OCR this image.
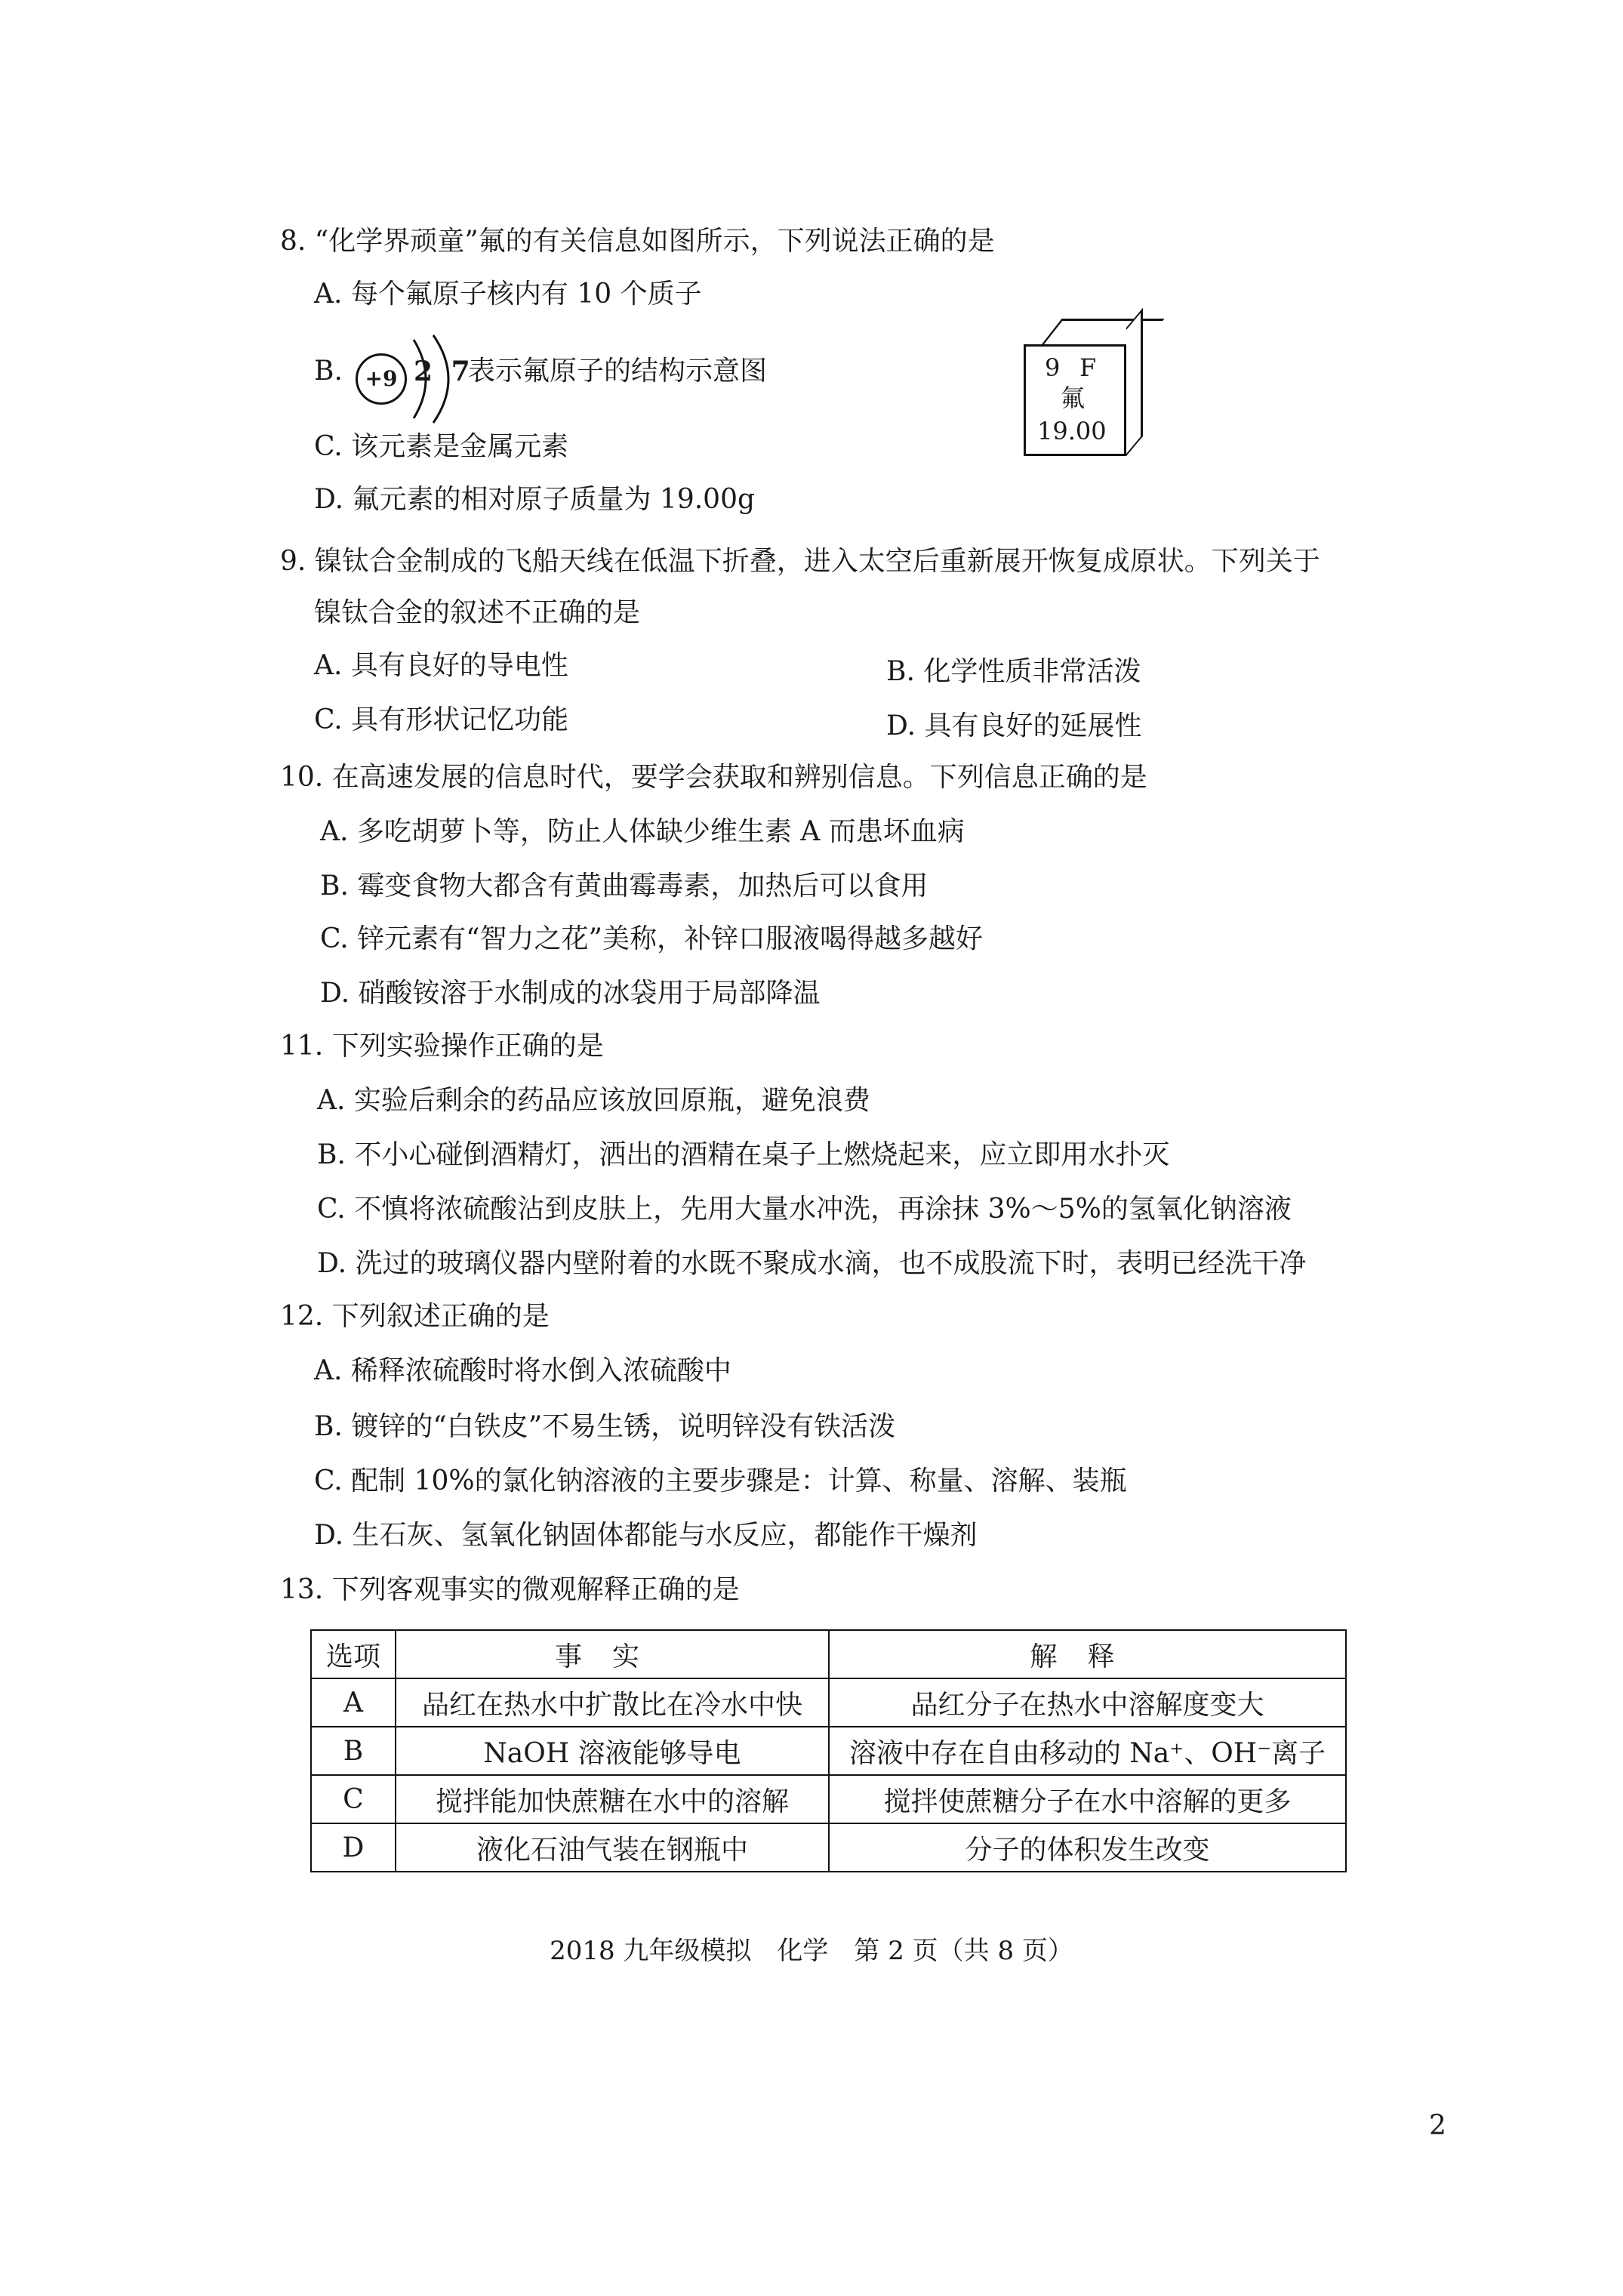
8. “化学界顽童”氟的有关信息如图所示，下列说法正确的是
A. 每个氟原子核内有 10 个质子
B.	+9 2 7
表示氟原子的结构示意图
C. 该元素是金属元素
D. 氟元素的相对原子质量为 19.00g
9 F
氟
19.00
9. 镍钛合金制成的飞船天线在低温下折叠，进入太空后重新展开恢复成原状。下列关于
镍钛合金的叙述不正确的是
A. 具有良好的导电性	B. 化学性质非常活泼
C. 具有形状记忆功能	D. 具有良好的延展性
10. 在高速发展的信息时代，要学会获取和辨别信息。下列信息正确的是
A. 多吃胡萝卜等，防止人体缺少维生素 A 而患坏血病
B. 霉变食物大都含有黄曲霉毒素，加热后可以食用
C. 锌元素有“智力之花”美称，补锌口服液喝得越多越好
D. 硝酸铵溶于水制成的冰袋用于局部降温
11. 下列实验操作正确的是
A. 实验后剩余的药品应该放回原瓶，避免浪费
B. 不小心碰倒酒精灯，洒出的酒精在桌子上燃烧起来，应立即用水扑灭
C. 不慎将浓硫酸沾到皮肤上，先用大量水冲洗，再涂抹 3%～5%的氢氧化钠溶液
D. 洗过的玻璃仪器内壁附着的水既不聚成水滴，也不成股流下时，表明已经洗干净
12. 下列叙述正确的是
A. 稀释浓硫酸时将水倒入浓硫酸中
B. 镀锌的“白铁皮”不易生锈，说明锌没有铁活泼
C. 配制 10%的氯化钠溶液的主要步骤是：计算、称量、溶解、装瓶
D. 生石灰、氢氧化钠固体都能与水反应，都能作干燥剂
13. 下列客观事实的微观解释正确的是
选项	事实	解释
A	品红在热水中扩散比在冷水中快	品红分子在热水中溶解度变大
B	NaOH 溶液能够导电	溶液中存在自由移动的 Na⁺、OH⁻离子
C	搅拌能加快蔗糖在水中的溶解	搅拌使蔗糖分子在水中溶解的更多
D	液化石油气装在钢瓶中	分子的体积发生改变
2018 九年级模拟　化学　第 2 页（共 8 页）
2
